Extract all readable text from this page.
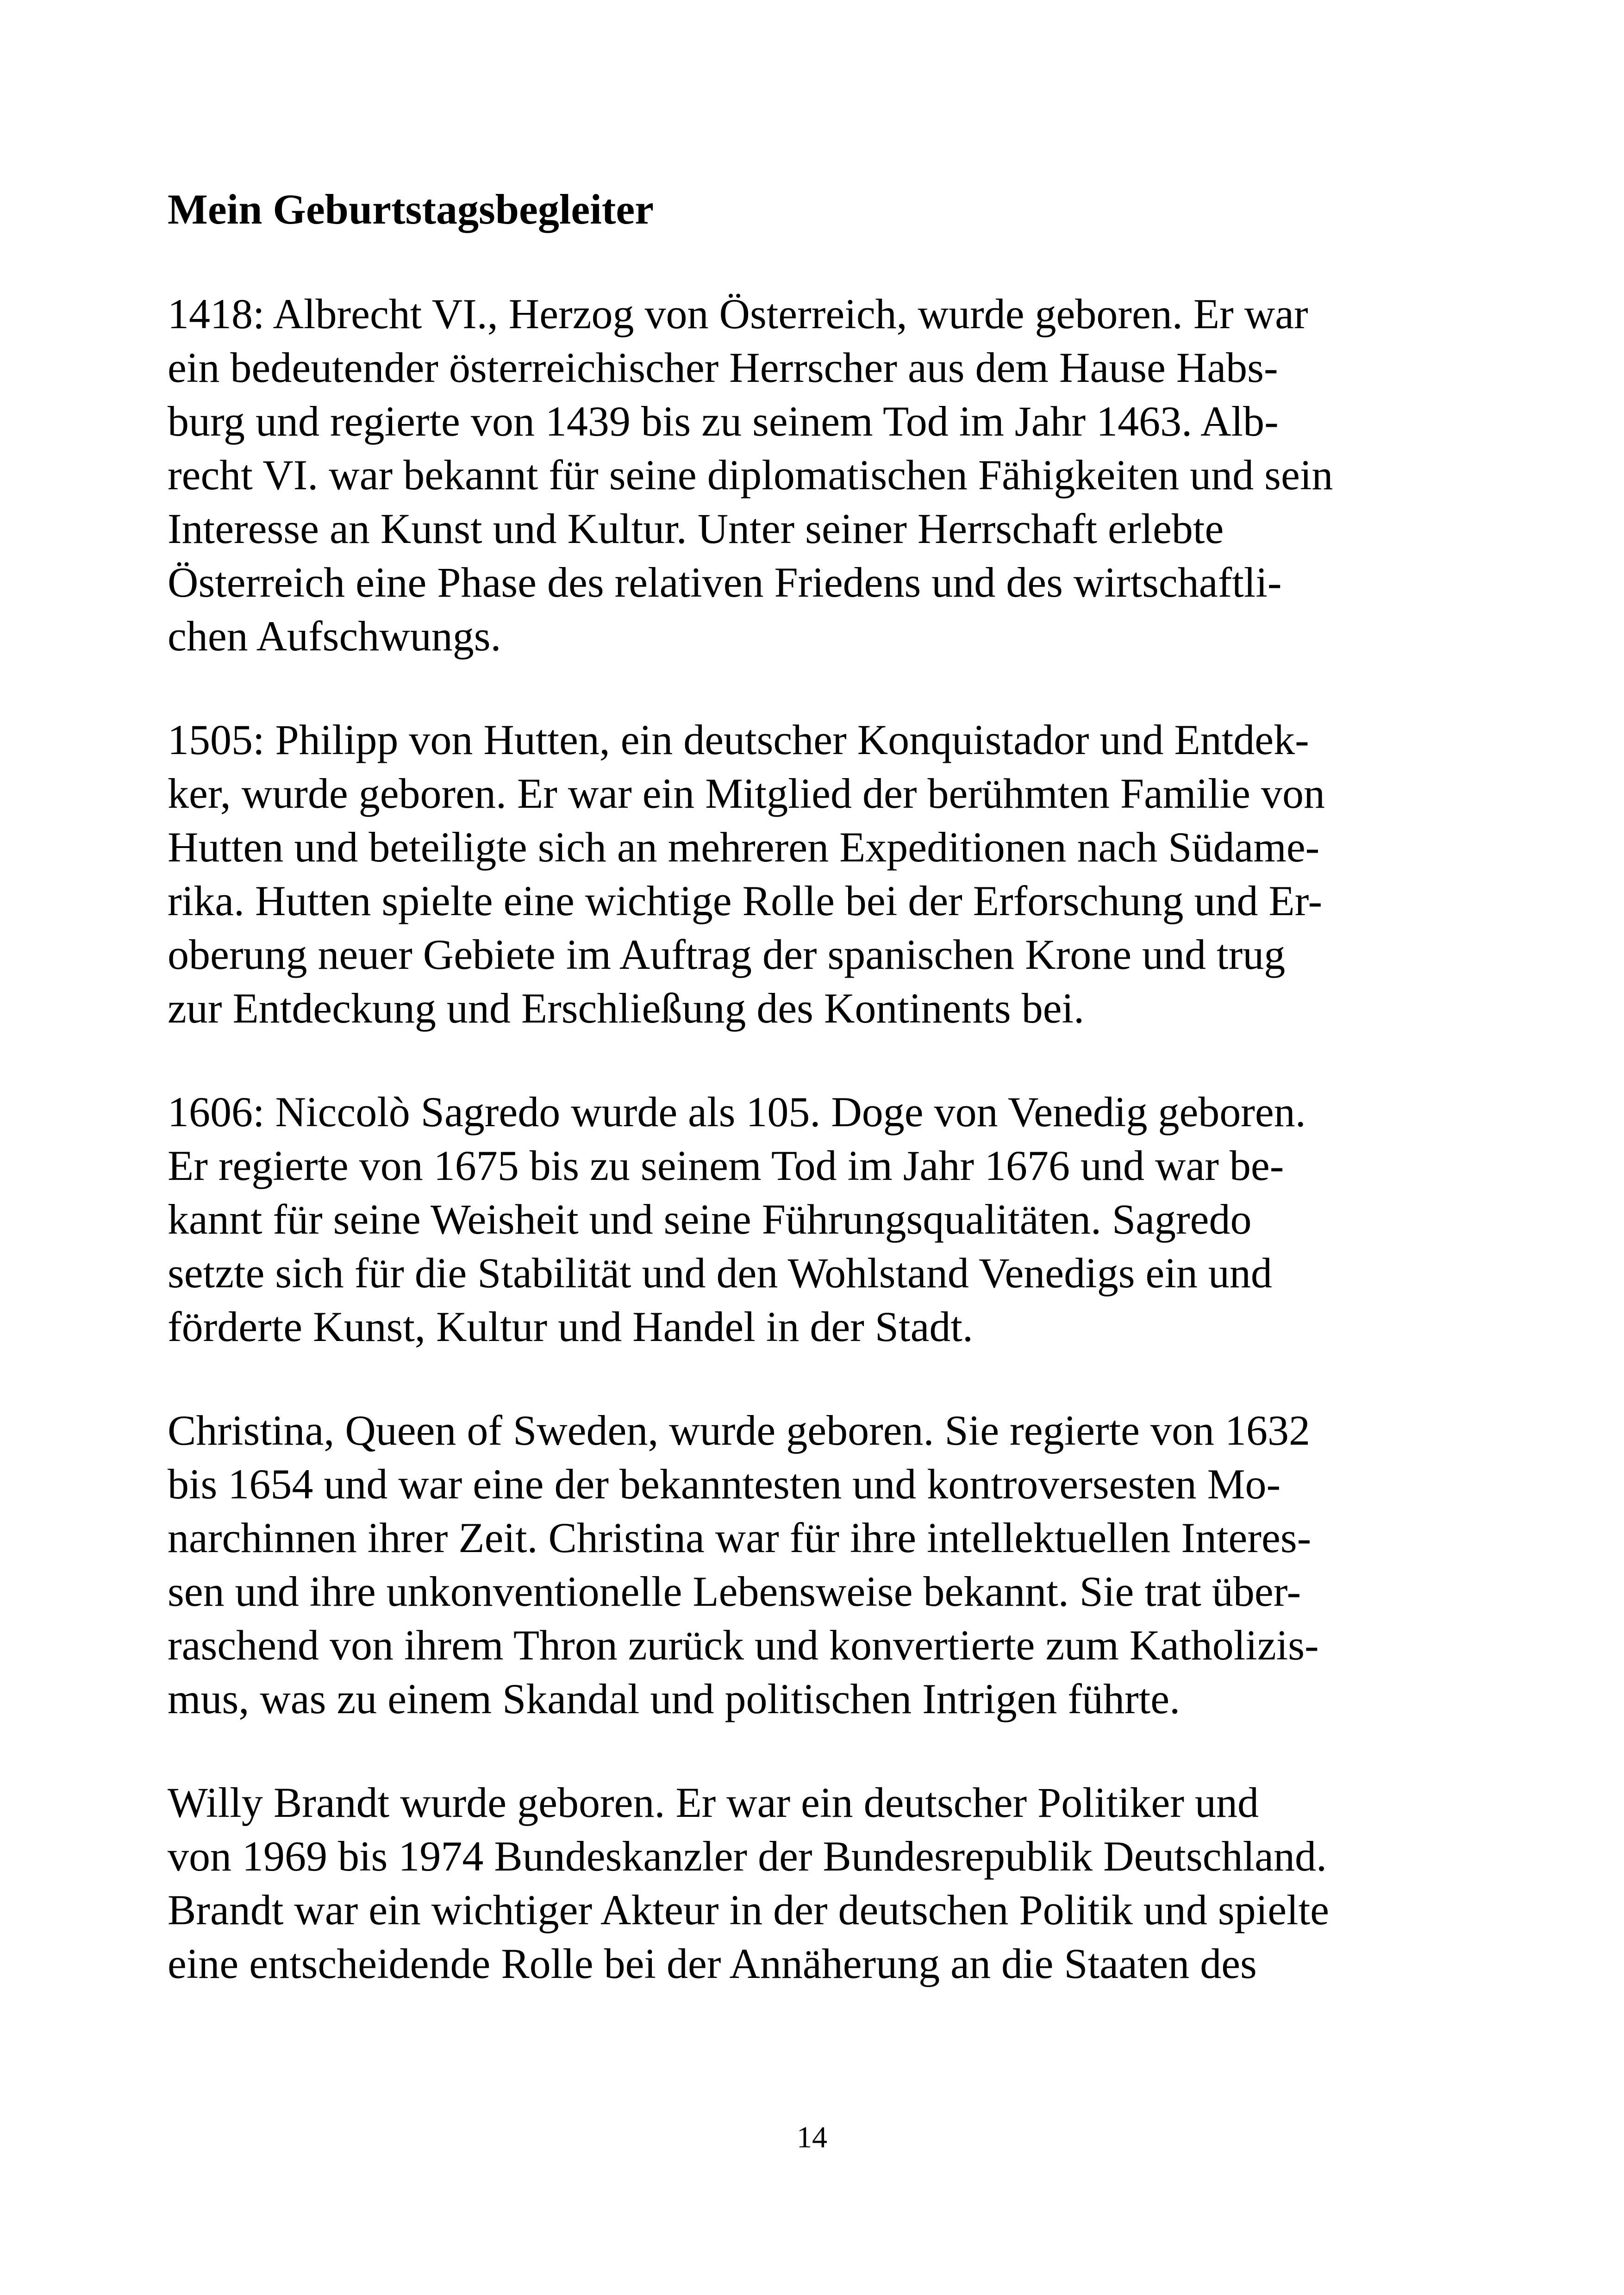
Mein Geburtstagsbegleiter

1418: Albrecht VI., Herzog von Österreich, wurde geboren. Er war
ein bedeutender österreichischer Herrscher aus dem Hause Habs-
burg und regierte von 1439 bis zu seinem Tod im Jahr 1463. Alb-
recht VI. war bekannt für seine diplomatischen Fähigkeiten und sein
Interesse an Kunst und Kultur. Unter seiner Herrschaft erlebte
Österreich eine Phase des relativen Friedens und des wirtschaftli-
chen Aufschwungs.

1505: Philipp von Hutten, ein deutscher Konquistador und Entdek-
ker, wurde geboren. Er war ein Mitglied der berühmten Familie von
Hutten und beteiligte sich an mehreren Expeditionen nach Südame-
rika. Hutten spielte eine wichtige Rolle bei der Erforschung und Er-
oberung neuer Gebiete im Auftrag der spanischen Krone und trug
zur Entdeckung und Erschließung des Kontinents bei.

1606: Niccolò Sagredo wurde als 105. Doge von Venedig geboren.
Er regierte von 1675 bis zu seinem Tod im Jahr 1676 und war be-
kannt für seine Weisheit und seine Führungsqualitäten. Sagredo
setzte sich für die Stabilität und den Wohlstand Venedigs ein und
förderte Kunst, Kultur und Handel in der Stadt.

Christina, Queen of Sweden, wurde geboren. Sie regierte von 1632
bis 1654 und war eine der bekanntesten und kontroversesten Mo-
narchinnen ihrer Zeit. Christina war für ihre intellektuellen Interes-
sen und ihre unkonventionelle Lebensweise bekannt. Sie trat über-
raschend von ihrem Thron zurück und konvertierte zum Katholizis-
mus, was zu einem Skandal und politischen Intrigen führte.

Willy Brandt wurde geboren. Er war ein deutscher Politiker und
von 1969 bis 1974 Bundeskanzler der Bundesrepublik Deutschland.
Brandt war ein wichtiger Akteur in der deutschen Politik und spielte
eine entscheidende Rolle bei der Annäherung an die Staaten des

14
